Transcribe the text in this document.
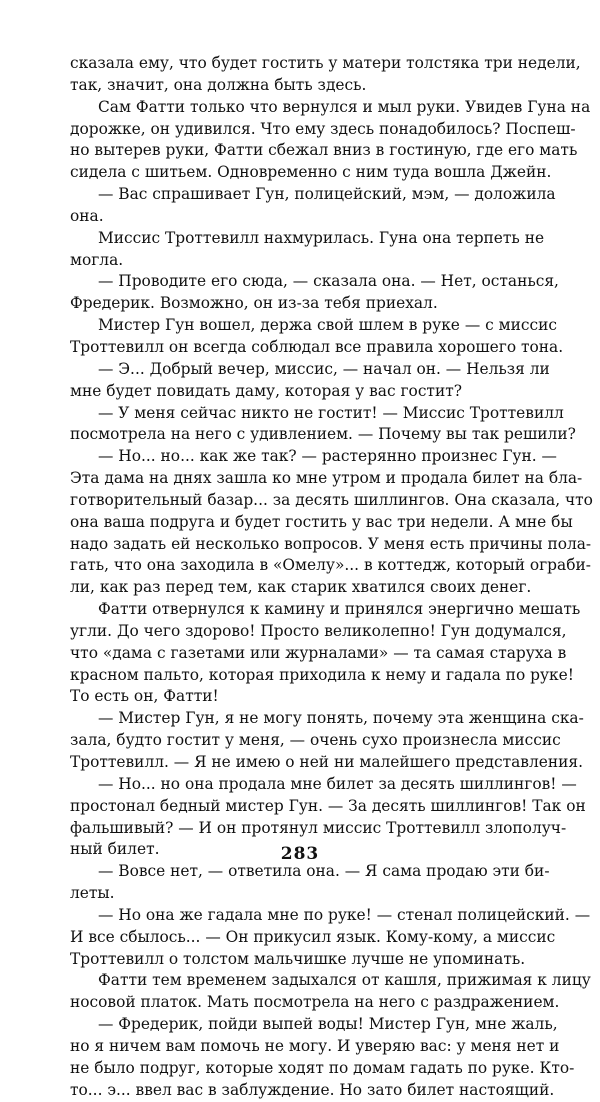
сказала ему, что будет гостить у матери толстяка три недели,
так, значит, она должна быть здесь.
Сам Фатти только что вернулся и мыл руки. Увидев Гуна на
дорожке, он удивился. Что ему здесь понадобилось? Поспеш-
но вытерев руки, Фатти сбежал вниз в гостиную, где его мать
сидела с шитьем. Одновременно с ним туда вошла Джейн.
— Вас спрашивает Гун, полицейский, мэм, — доложила
она.
Миссис Троттевилл нахмурилась. Гуна она терпеть не
могла.
— Проводите его сюда, — сказала она. — Нет, останься,
Фредерик. Возможно, он из-за тебя приехал.
Мистер Гун вошел, держа свой шлем в руке — с миссис
Троттевилл он всегда соблюдал все правила хорошего тона.
— Э... Добрый вечер, миссис, — начал он. — Нельзя ли
мне будет повидать даму, которая у вас гостит?
— У меня сейчас никто не гостит! — Миссис Троттевилл
посмотрела на него с удивлением. — Почему вы так решили?
— Но... но... как же так? — растерянно произнес Гун. —
Эта дама на днях зашла ко мне утром и продала билет на бла-
готворительный базар... за десять шиллингов. Она сказала, что
она ваша подруга и будет гостить у вас три недели. А мне бы
надо задать ей несколько вопросов. У меня есть причины пола-
гать, что она заходила в «Омелу»... в коттедж, который ограби-
ли, как раз перед тем, как старик хватился своих денег.
Фатти отвернулся к камину и принялся энергично мешать
угли. До чего здорово! Просто великолепно! Гун додумался,
что «дама с газетами или журналами» — та самая старуха в
красном пальто, которая приходила к нему и гадала по руке!
То есть он, Фатти!
— Мистер Гун, я не могу понять, почему эта женщина ска-
зала, будто гостит у меня, — очень сухо произнесла миссис
Троттевилл. — Я не имею о ней ни малейшего представления.
— Но... но она продала мне билет за десять шиллингов! —
простонал бедный мистер Гун. — За десять шиллингов! Так он
фальшивый? — И он протянул миссис Троттевилл злополуч-
ный билет.
— Вовсе нет, — ответила она. — Я сама продаю эти би-
леты.
— Но она же гадала мне по руке! — стенал полицейский. —
И все сбылось... — Он прикусил язык. Кому-кому, а миссис
Троттевилл о толстом мальчишке лучше не упоминать.
Фатти тем временем задыхался от кашля, прижимая к лицу
носовой платок. Мать посмотрела на него с раздражением.
— Фредерик, пойди выпей воды! Мистер Гун, мне жаль,
но я ничем вам помочь не могу. И уверяю вас: у меня нет и
не было подруг, которые ходят по домам гадать по руке. Кто-
то... э... ввел вас в заблуждение. Но зато билет настоящий.
283
